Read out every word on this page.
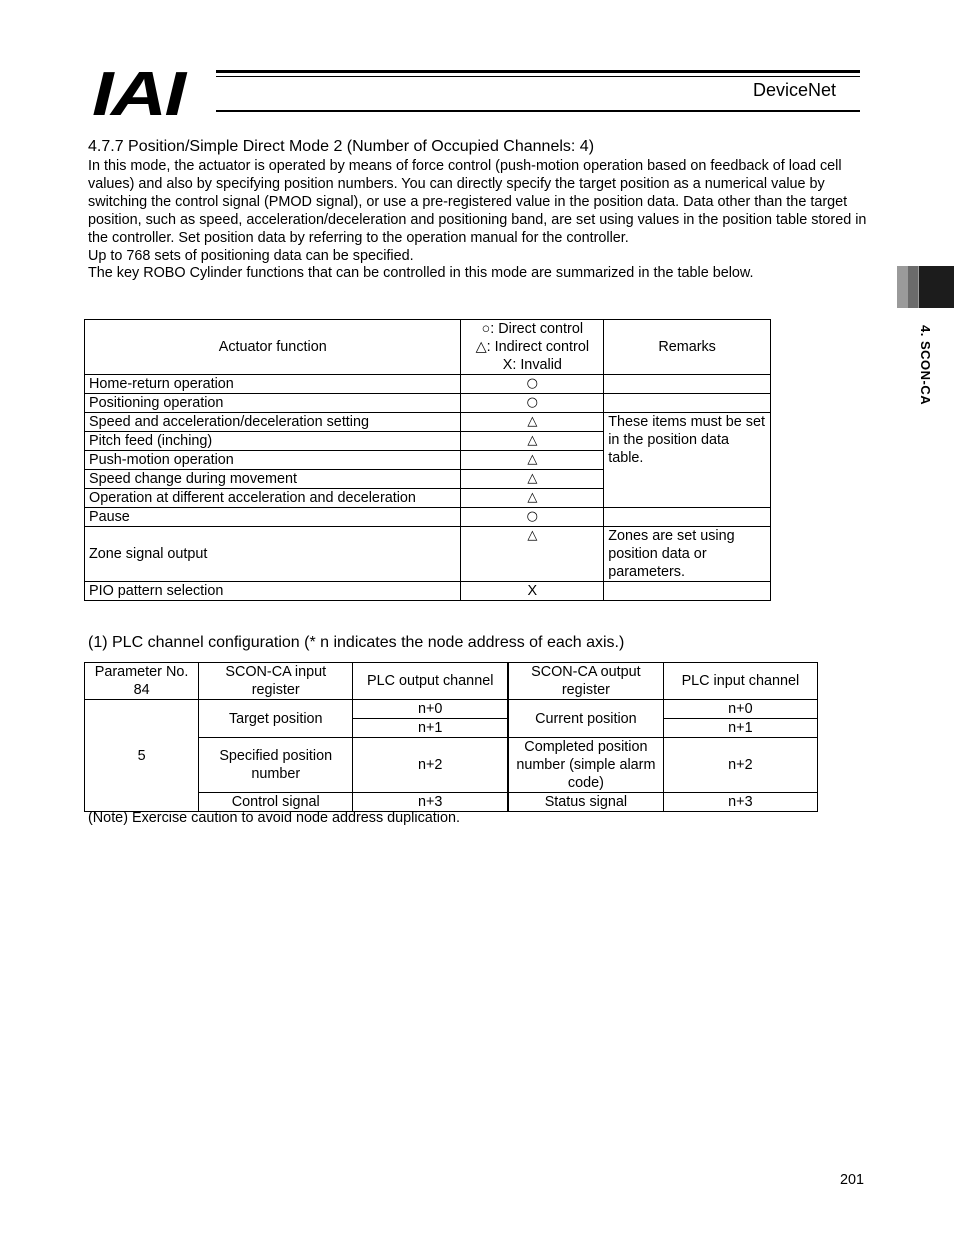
IAI	DeviceNet
4. SCON-CA
4.7.7 Position/Simple Direct Mode 2 (Number of Occupied Channels: 4)

In this mode, the actuator is operated by means of force control (push-motion operation based on feedback of load cell values) and also by specifying position numbers. You can directly specify the target position as a numerical value by switching the control signal (PMOD signal), or use a pre-registered value in the position data. Data other than the target position, such as speed, acceleration/deceleration and positioning band, are set using values in the position table stored in the controller. Set position data by referring to the operation manual for the controller.

Up to 768 sets of positioning data can be specified.

The key ROBO Cylinder functions that can be controlled in this mode are summarized in the table below.

Actuator function	○: Direct control
△: Indirect control
X: Invalid	Remarks
Home-return operation	○	
Positioning operation	○	
Speed and acceleration/deceleration setting	△	These items must be set in the position data table.
Pitch feed (inching)	△	
Push-motion operation	△	
Speed change during movement	△	
Operation at different acceleration and deceleration	△	
Pause	○	
Zone signal output	△	Zones are set using position data or parameters.
PIO pattern selection	X	
(1) PLC channel configuration (* n indicates the node address of each axis.)
Parameter No. 84	SCON-CA input register	PLC output channel	SCON-CA output register	PLC input channel
5	Target position	n+0	Current position	n+0
		n+1		n+1
	Specified position number	n+2	Completed position number (simple alarm code)	n+2
	Control signal	n+3	Status signal	n+3
(Note) Exercise caution to avoid node address duplication.
201
